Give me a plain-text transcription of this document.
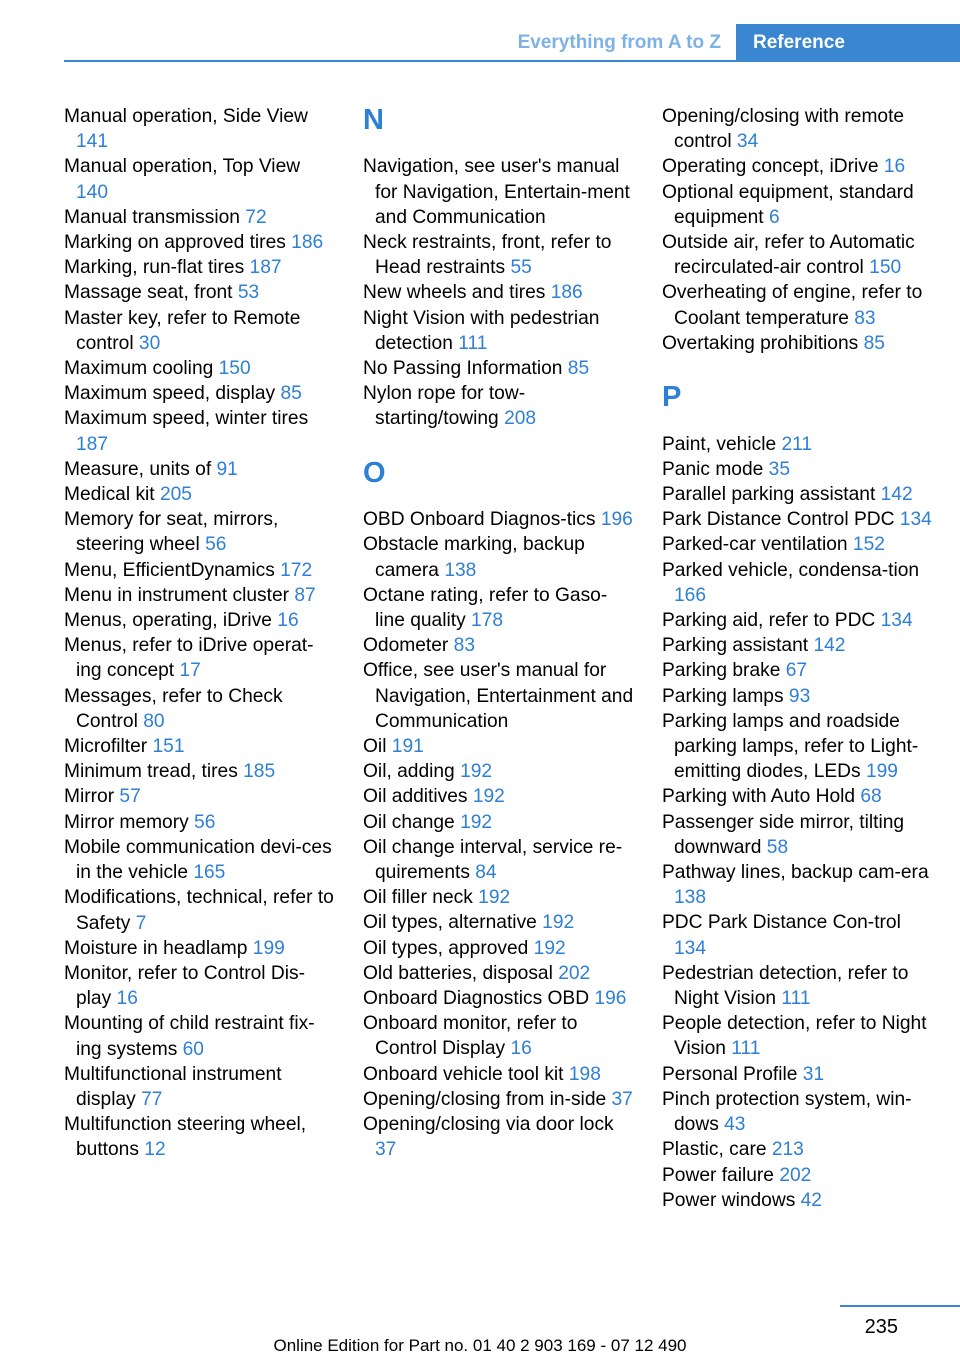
Everything from A to Z	Reference
Manual operation, Side View 141
Manual operation, Top View 140
Manual transmission 72
Marking on approved tires 186
Marking, run-flat tires 187
Massage seat, front 53
Master key, refer to Remote control 30
Maximum cooling 150
Maximum speed, display 85
Maximum speed, winter tires 187
Measure, units of 91
Medical kit 205
Memory for seat, mirrors, steering wheel 56
Menu, EfficientDynamics 172
Menu in instrument cluster 87
Menus, operating, iDrive 16
Menus, refer to iDrive operat‐ing concept 17
Messages, refer to Check Control 80
Microfilter 151
Minimum tread, tires 185
Mirror 57
Mirror memory 56
Mobile communication devi‐ces in the vehicle 165
Modifications, technical, refer to Safety 7
Moisture in headlamp 199
Monitor, refer to Control Dis‐play 16
Mounting of child restraint fix‐ing systems 60
Multifunctional instrument display 77
Multifunction steering wheel, buttons 12
N
Navigation, see user's manual for Navigation, Entertain‐ment and Communication
Neck restraints, front, refer to Head restraints 55
New wheels and tires 186
Night Vision with pedestrian detection 111
No Passing Information 85
Nylon rope for tow-starting/towing 208
O
OBD Onboard Diagnos‐tics 196
Obstacle marking, backup camera 138
Octane rating, refer to Gaso‐line quality 178
Odometer 83
Office, see user's manual for Navigation, Entertainment and Communication
Oil 191
Oil, adding 192
Oil additives 192
Oil change 192
Oil change interval, service re‐quirements 84
Oil filler neck 192
Oil types, alternative 192
Oil types, approved 192
Old batteries, disposal 202
Onboard Diagnostics OBD 196
Onboard monitor, refer to Control Display 16
Onboard vehicle tool kit 198
Opening/closing from in‐side 37
Opening/closing via door lock 37
Opening/closing with remote control 34
Operating concept, iDrive 16
Optional equipment, standard equipment 6
Outside air, refer to Automatic recirculated-air control 150
Overheating of engine, refer to Coolant temperature 83
Overtaking prohibitions 85
P
Paint, vehicle 211
Panic mode 35
Parallel parking assistant 142
Park Distance Control PDC 134
Parked-car ventilation 152
Parked vehicle, condensa‐tion 166
Parking aid, refer to PDC 134
Parking assistant 142
Parking brake 67
Parking lamps 93
Parking lamps and roadside parking lamps, refer to Light-emitting diodes, LEDs 199
Parking with Auto Hold 68
Passenger side mirror, tilting downward 58
Pathway lines, backup cam‐era 138
PDC Park Distance Con‐trol 134
Pedestrian detection, refer to Night Vision 111
People detection, refer to Night Vision 111
Personal Profile 31
Pinch protection system, win‐dows 43
Plastic, care 213
Power failure 202
Power windows 42
235
Online Edition for Part no. 01 40 2 903 169 - 07 12 490
